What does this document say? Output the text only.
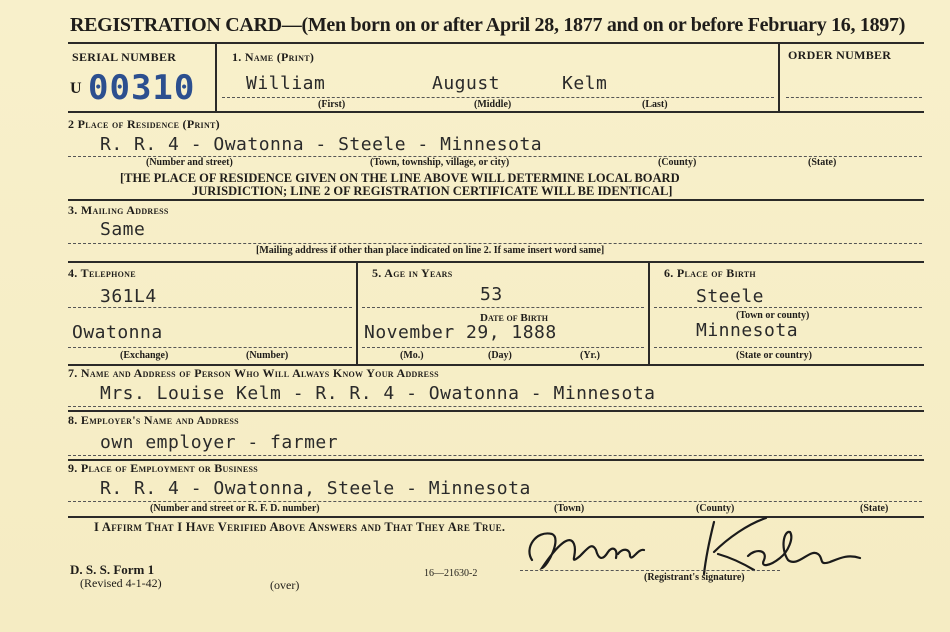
REGISTRATION CARD—(Men born on or after April 28, 1877 and on or before February 16, 1897)
SERIAL NUMBER
U 00310
1. Name (Print)
William	August	Kelm
(First)	(Middle)	(Last)
ORDER NUMBER
2 Place of Residence (Print)
R. R. 4 - Owatonna - Steele - Minnesota
(Number and street)	(Town, township, village, or city)	(County)	(State)
[THE PLACE OF RESIDENCE GIVEN ON THE LINE ABOVE WILL DETERMINE LOCAL BOARD
JURISDICTION; LINE 2 OF REGISTRATION CERTIFICATE WILL BE IDENTICAL]
3. Mailing Address
Same
[Mailing address if other than place indicated on line 2. If same insert word same]
4. Telephone
361L4
Owatonna
(Exchange)	(Number)
5. Age in Years
53
Date of Birth
November 29, 1888
(Mo.)	(Day)	(Yr.)
6. Place of Birth
Steele
(Town or county)
Minnesota
(State or country)
7. Name and Address of Person Who Will Always Know Your Address
Mrs. Louise Kelm - R. R. 4 - Owatonna - Minnesota
8. Employer's Name and Address
own employer - farmer
9. Place of Employment or Business
R. R. 4 - Owatonna, Steele - Minnesota
(Number and street or R. F. D. number)	(Town)	(County)	(State)
I Affirm That I Have Verified Above Answers and That They Are True.
(Registrant's signature)
D. S. S. Form 1
(Revised 4-1-42)	(over)
16—21630-2
